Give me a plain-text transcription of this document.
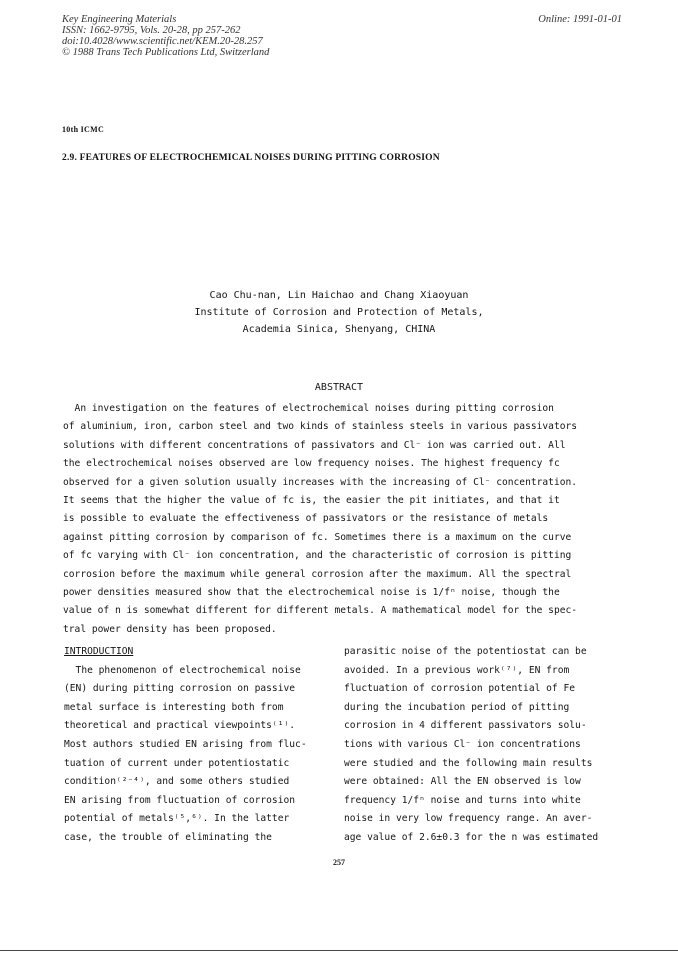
Key Engineering Materials
ISSN: 1662-9795, Vols. 20-28, pp 257-262
doi:10.4028/www.scientific.net/KEM.20-28.257
© 1988 Trans Tech Publications Ltd, Switzerland
Online: 1991-01-01
10th ICMC
2.9. FEATURES OF ELECTROCHEMICAL NOISES DURING PITTING CORROSION
Cao Chu-nan, Lin Haichao and Chang Xiaoyuan
Institute of Corrosion and Protection of Metals,
Academia Sinica, Shenyang, CHINA
ABSTRACT
An investigation on the features of electrochemical noises during pitting corrosion
of aluminium, iron, carbon steel and two kinds of stainless steels in various passivators
solutions with different concentrations of passivators and Cl⁻ ion was carried out. All
the electrochemical noises observed are low frequency noises. The highest frequency fc
observed for a given solution usually increases with the increasing of Cl⁻ concentration.
It seems that the higher the value of fc is, the easier the pit initiates, and that it
is possible to evaluate the effectiveness of passivators or the resistance of metals
against pitting corrosion by comparison of fc. Sometimes there is a maximum on the curve
of fc varying with Cl⁻ ion concentration, and the characteristic of corrosion is pitting
corrosion before the maximum while general corrosion after the maximum. All the spectral
power densities measured show that the electrochemical noise is 1/fⁿ noise, though the
value of n is somewhat different for different metals. A mathematical model for the spec-
tral power density has been proposed.
INTRODUCTION
The phenomenon of electrochemical noise
(EN) during pitting corrosion on passive
metal surface is interesting both from
theoretical and practical viewpoints⁽¹⁾.
Most authors studied EN arising from fluc-
tuation of current under potentiostatic
condition⁽²⁻⁴⁾, and some others studied
EN arising from fluctuation of corrosion
potential of metals⁽⁵,⁶⁾. In the latter
case, the trouble of eliminating the
parasitic noise of the potentiostat can be
avoided. In a previous work⁽⁷⁾, EN from
fluctuation of corrosion potential of Fe
during the incubation period of pitting
corrosion in 4 different passivators solu-
tions with various Cl⁻ ion concentrations
were studied and the following main results
were obtained: All the EN observed is low
frequency 1/fⁿ noise and turns into white
noise in very low frequency range. An aver-
age value of 2.6±0.3 for the n was estimated
257
